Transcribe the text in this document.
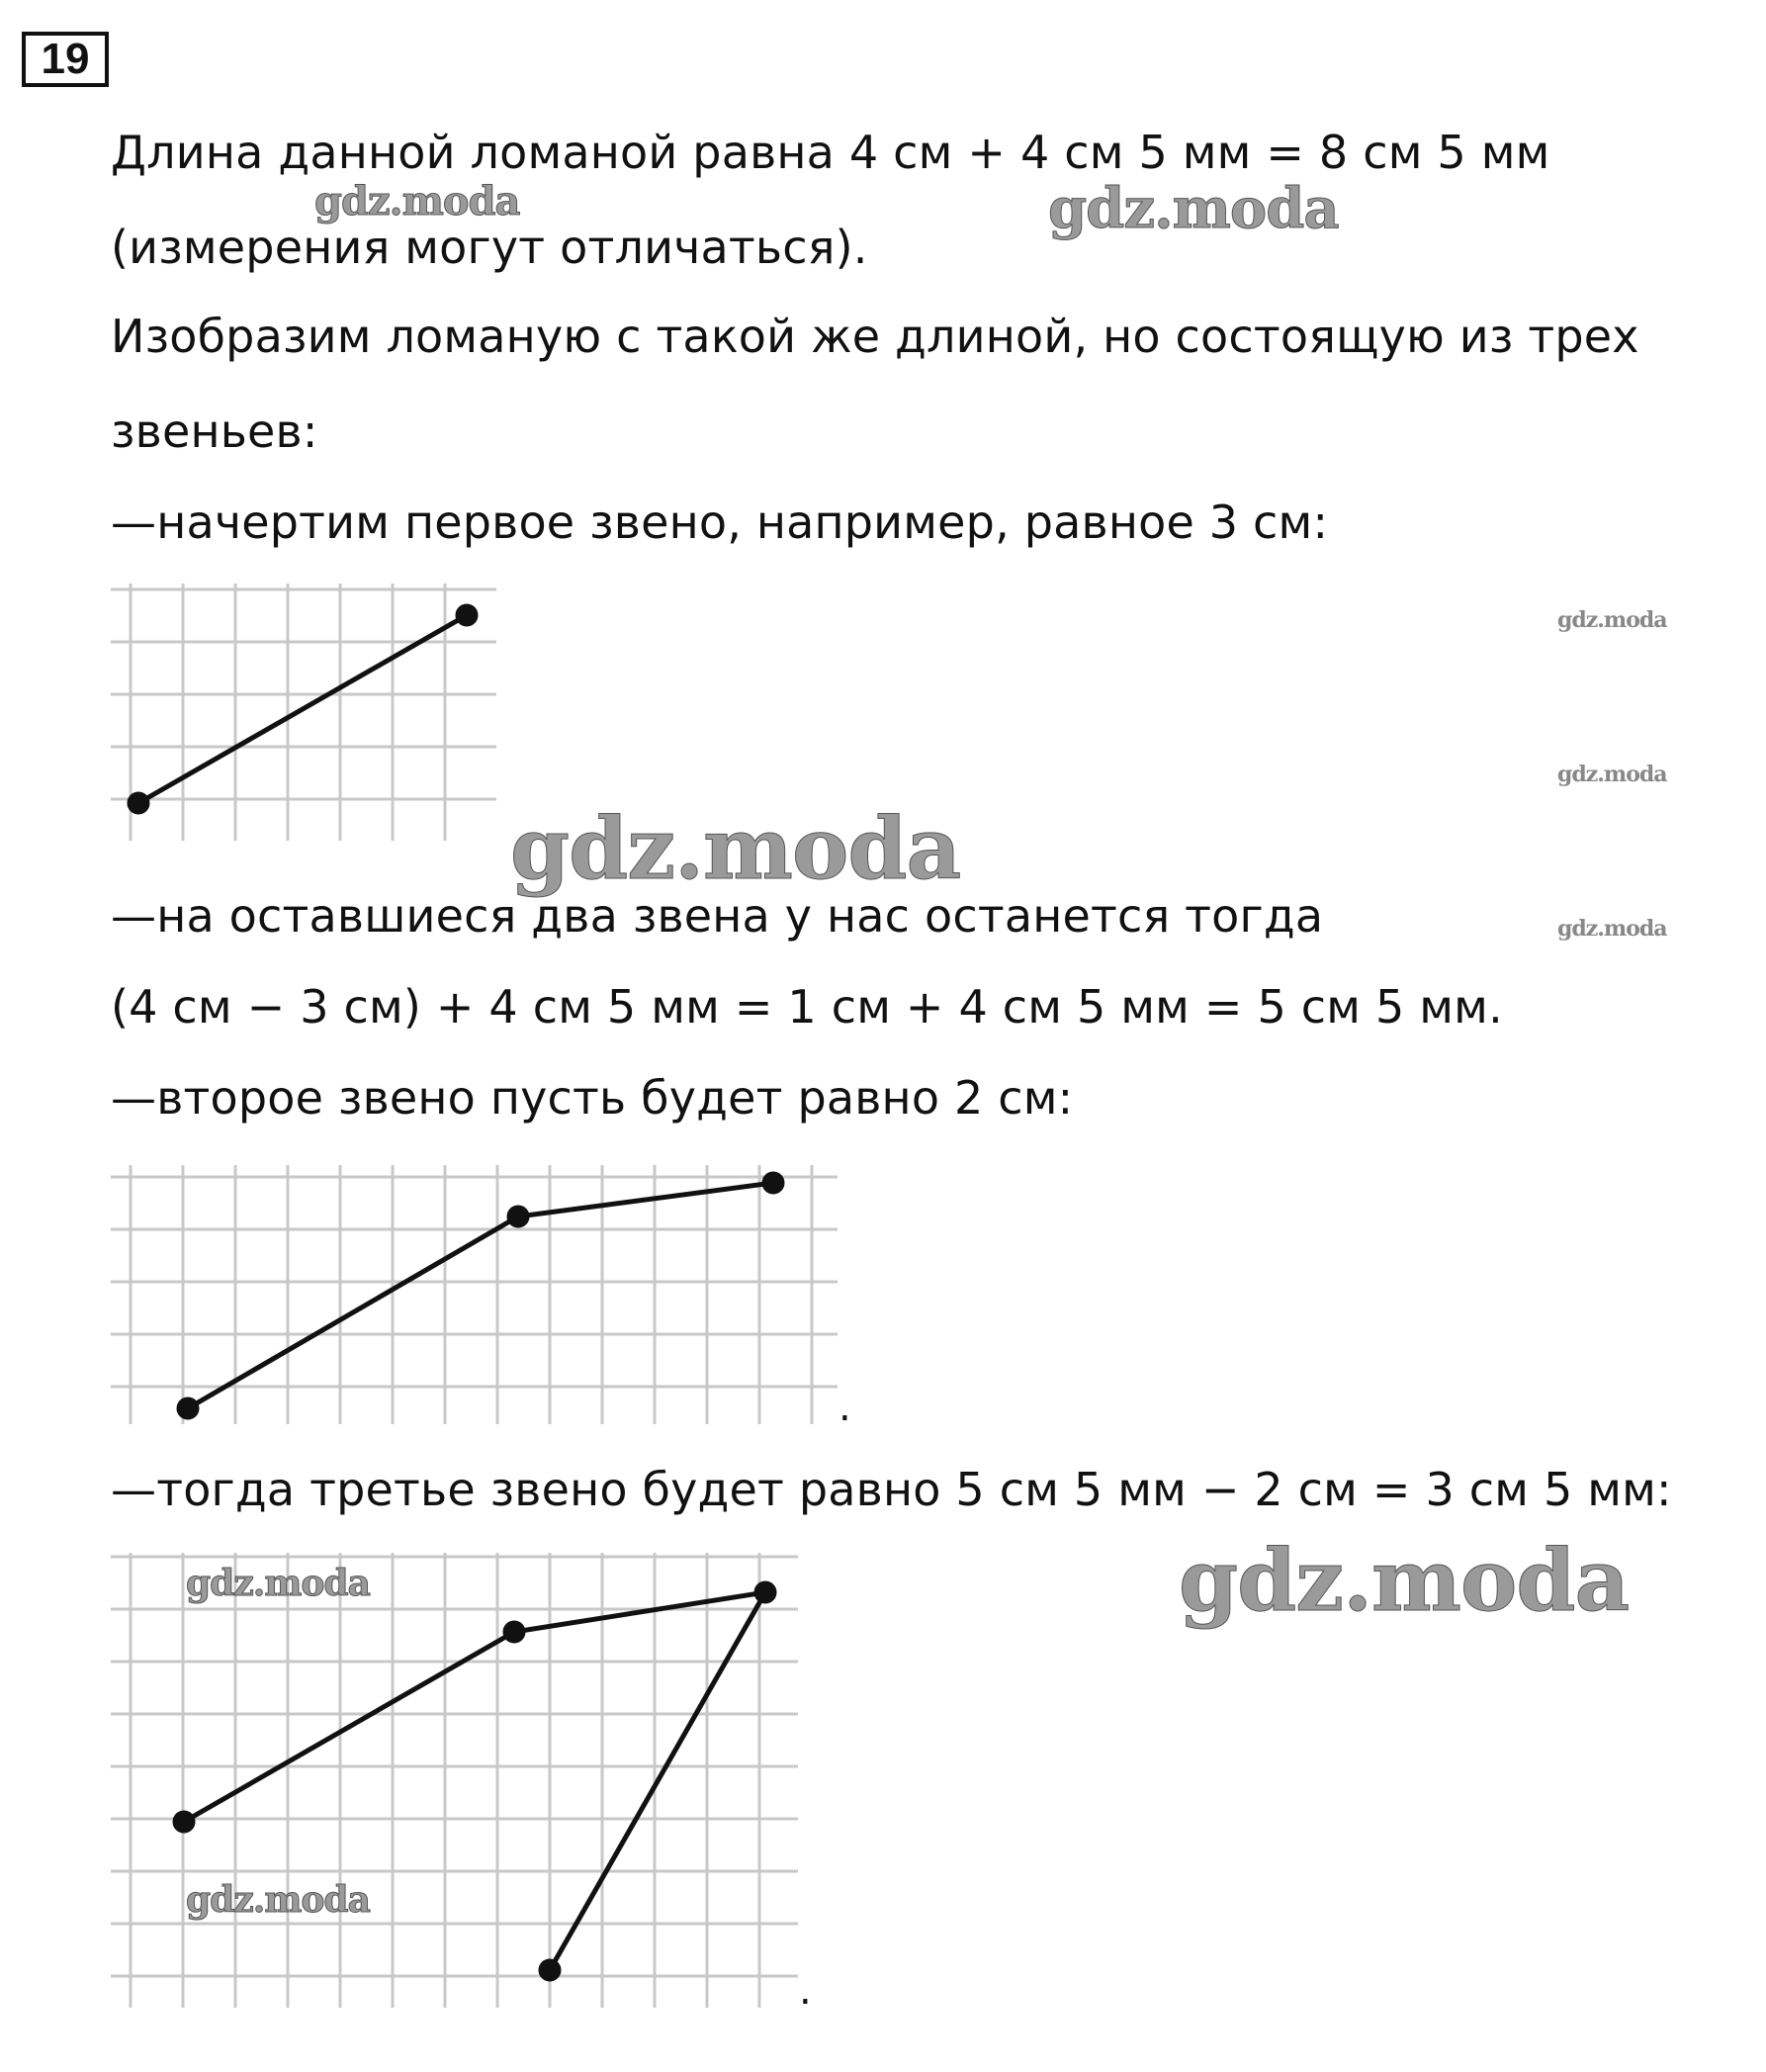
19
Длина данной ломаной равна 4 см + 4 см 5 мм = 8 см 5 мм
(измерения могут отличаться).
Изобразим ломаную с такой же длиной, но состоящую из трех
звеньев:
—начертим первое звено, например, равное 3 см:
—на оставшиеся два звена у нас останется тогда
(4 см − 3 см) + 4 см 5 мм = 1 см + 4 см 5 мм = 5 см 5 мм.
—второе звено пусть будет равно 2 см:
.
—тогда третье звено будет равно 5 см 5 мм − 2 см = 3 см 5 мм:
.
gdz.moda	gdz.moda
gdz.moda
gdz.moda
gdz.moda
gdz.moda
gdz.moda
gdz.moda
gdz.moda
